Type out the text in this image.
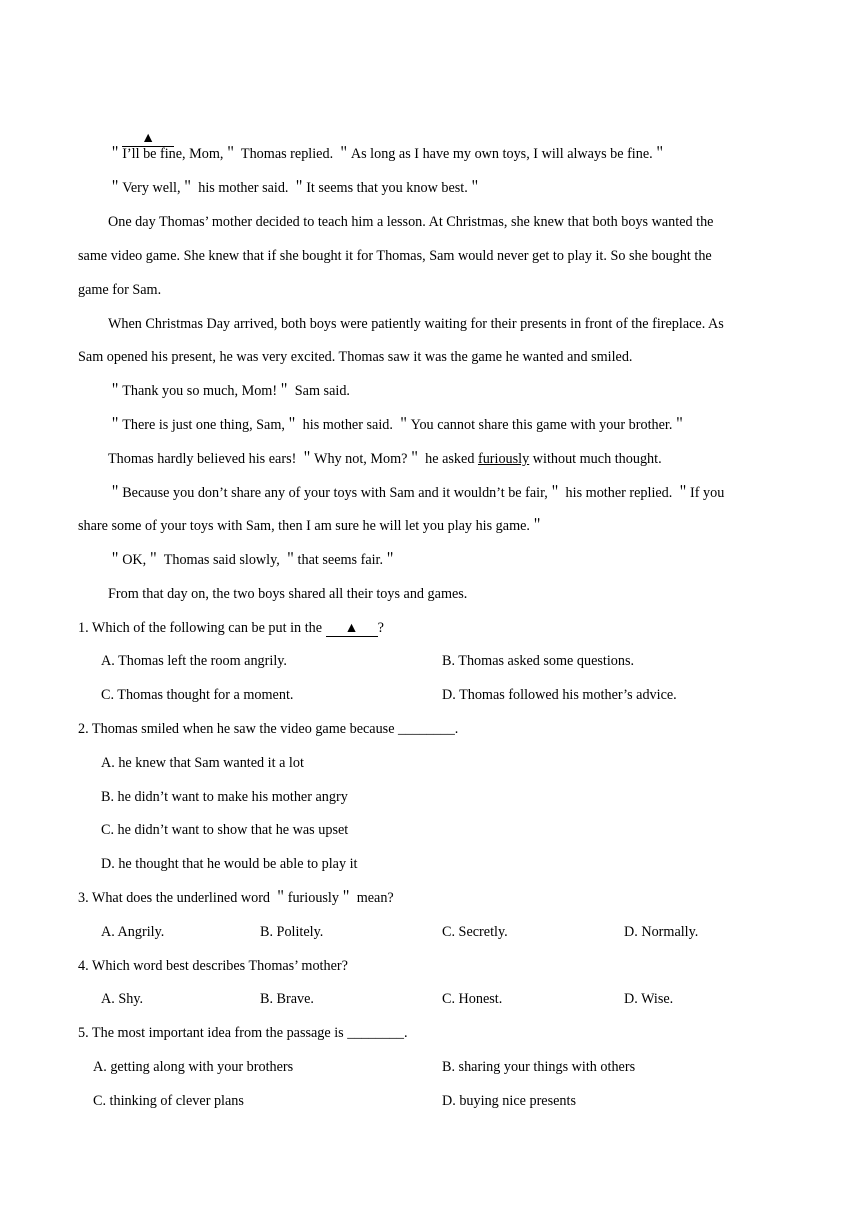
▲

＂I’ll be fine, Mom,＂ Thomas replied. ＂As long as I have my own toys, I will always be fine.＂
＂Very well,＂ his mother said. ＂It seems that you know best.＂
One day Thomas’ mother decided to teach him a lesson. At Christmas, she knew that both boys wanted the
same video game. She knew that if she bought it for Thomas, Sam would never get to play it. So she bought the
game for Sam.
When Christmas Day arrived, both boys were patiently waiting for their presents in front of the fireplace. As
Sam opened his present, he was very excited. Thomas saw it was the game he wanted and smiled.
＂Thank you so much, Mom!＂ Sam said.
＂There is just one thing, Sam,＂ his mother said. ＂You cannot share this game with your brother.＂
Thomas hardly believed his ears! ＂Why not, Mom?＂ he asked furiously without much thought.
＂Because you don’t share any of your toys with Sam and it wouldn’t be fair,＂ his mother replied. ＂If you
share some of your toys with Sam, then I am sure he will let you play his game.＂
＂OK,＂ Thomas said slowly, ＂that seems fair.＂
From that day on, the two boys shared all their toys and games.
1. Which of the following can be put in the ▲ ?
A. Thomas left the room angrily.	B. Thomas asked some questions.
C. Thomas thought for a moment.	D. Thomas followed his mother’s advice.
2. Thomas smiled when he saw the video game because ________.
A. he knew that Sam wanted it a lot
B. he didn’t want to make his mother angry
C. he didn’t want to show that he was upset
D. he thought that he would be able to play it
3. What does the underlined word ＂furiously＂ mean?
A. Angrily.	B. Politely.	C. Secretly.	D. Normally.
4. Which word best describes Thomas’ mother?
A. Shy.	B. Brave.	C. Honest.	D. Wise.
5. The most important idea from the passage is ________.
A. getting along with your brothers	B. sharing your things with others
C. thinking of clever plans	D. buying nice presents
